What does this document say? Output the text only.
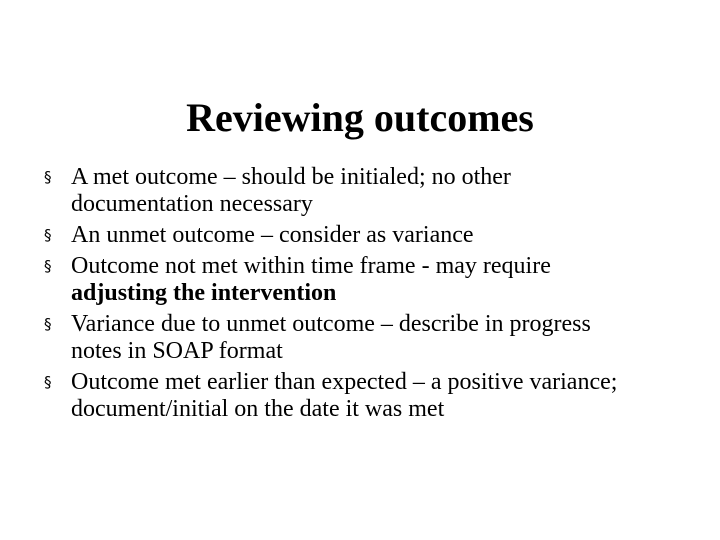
Reviewing outcomes
§ A met outcome – should be initialed; no other documentation necessary
§ An unmet outcome – consider as variance
§ Outcome not met within time frame - may require adjusting the intervention
§ Variance due to unmet outcome – describe in progress notes in SOAP format
§ Outcome met earlier than expected – a positive variance; document/initial on the date it was met
